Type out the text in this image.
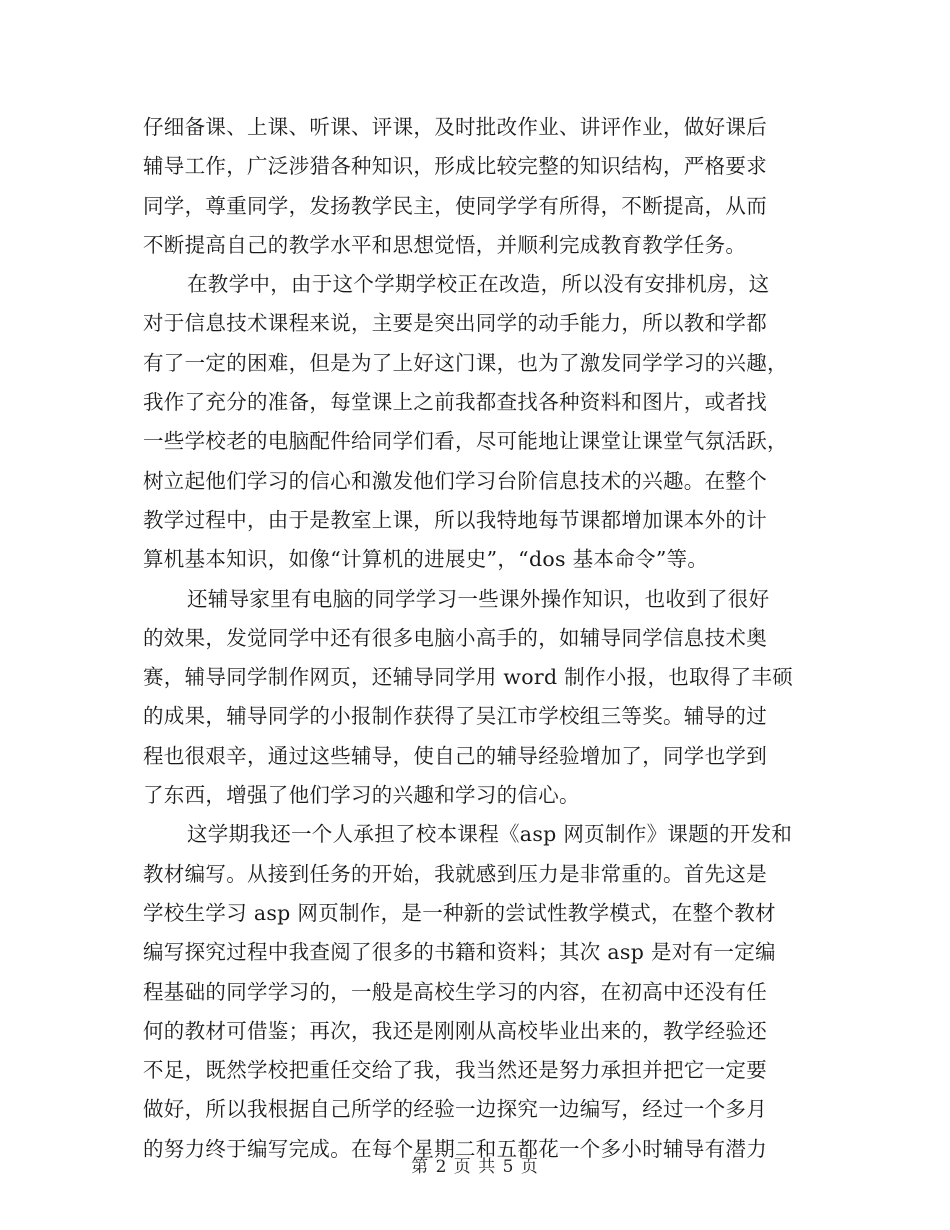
仔细备课、上课、听课、评课，及时批改作业、讲评作业，做好课后
辅导工作，广泛涉猎各种知识，形成比较完整的知识结构，严格要求
同学，尊重同学，发扬教学民主，使同学学有所得，不断提高，从而
不断提高自己的教学水平和思想觉悟，并顺利完成教育教学任务。
在教学中，由于这个学期学校正在改造，所以没有安排机房，这
对于信息技术课程来说，主要是突出同学的动手能力，所以教和学都
有了一定的困难，但是为了上好这门课，也为了激发同学学习的兴趣，
我作了充分的准备，每堂课上之前我都查找各种资料和图片，或者找
一些学校老的电脑配件给同学们看，尽可能地让课堂让课堂气氛活跃，
树立起他们学习的信心和激发他们学习台阶信息技术的兴趣。在整个
教学过程中，由于是教室上课，所以我特地每节课都增加课本外的计
算机基本知识，如像“计算机的进展史”，“dos 基本命令”等。
还辅导家里有电脑的同学学习一些课外操作知识，也收到了很好
的效果，发觉同学中还有很多电脑小高手的，如辅导同学信息技术奥
赛，辅导同学制作网页，还辅导同学用 word 制作小报，也取得了丰硕
的成果，辅导同学的小报制作获得了吴江市学校组三等奖。辅导的过
程也很艰辛，通过这些辅导，使自己的辅导经验增加了，同学也学到
了东西，增强了他们学习的兴趣和学习的信心。
这学期我还一个人承担了校本课程《asp 网页制作》课题的开发和
教材编写。从接到任务的开始，我就感到压力是非常重的。首先这是
学校生学习 asp 网页制作，是一种新的尝试性教学模式，在整个教材
编写探究过程中我查阅了很多的书籍和资料；其次 asp 是对有一定编
程基础的同学学习的，一般是高校生学习的内容，在初高中还没有任
何的教材可借鉴；再次，我还是刚刚从高校毕业出来的，教学经验还
不足，既然学校把重任交给了我，我当然还是努力承担并把它一定要
做好，所以我根据自己所学的经验一边探究一边编写，经过一个多月
的努力终于编写完成。在每个星期二和五都花一个多小时辅导有潜力
第 2 页 共 5 页
